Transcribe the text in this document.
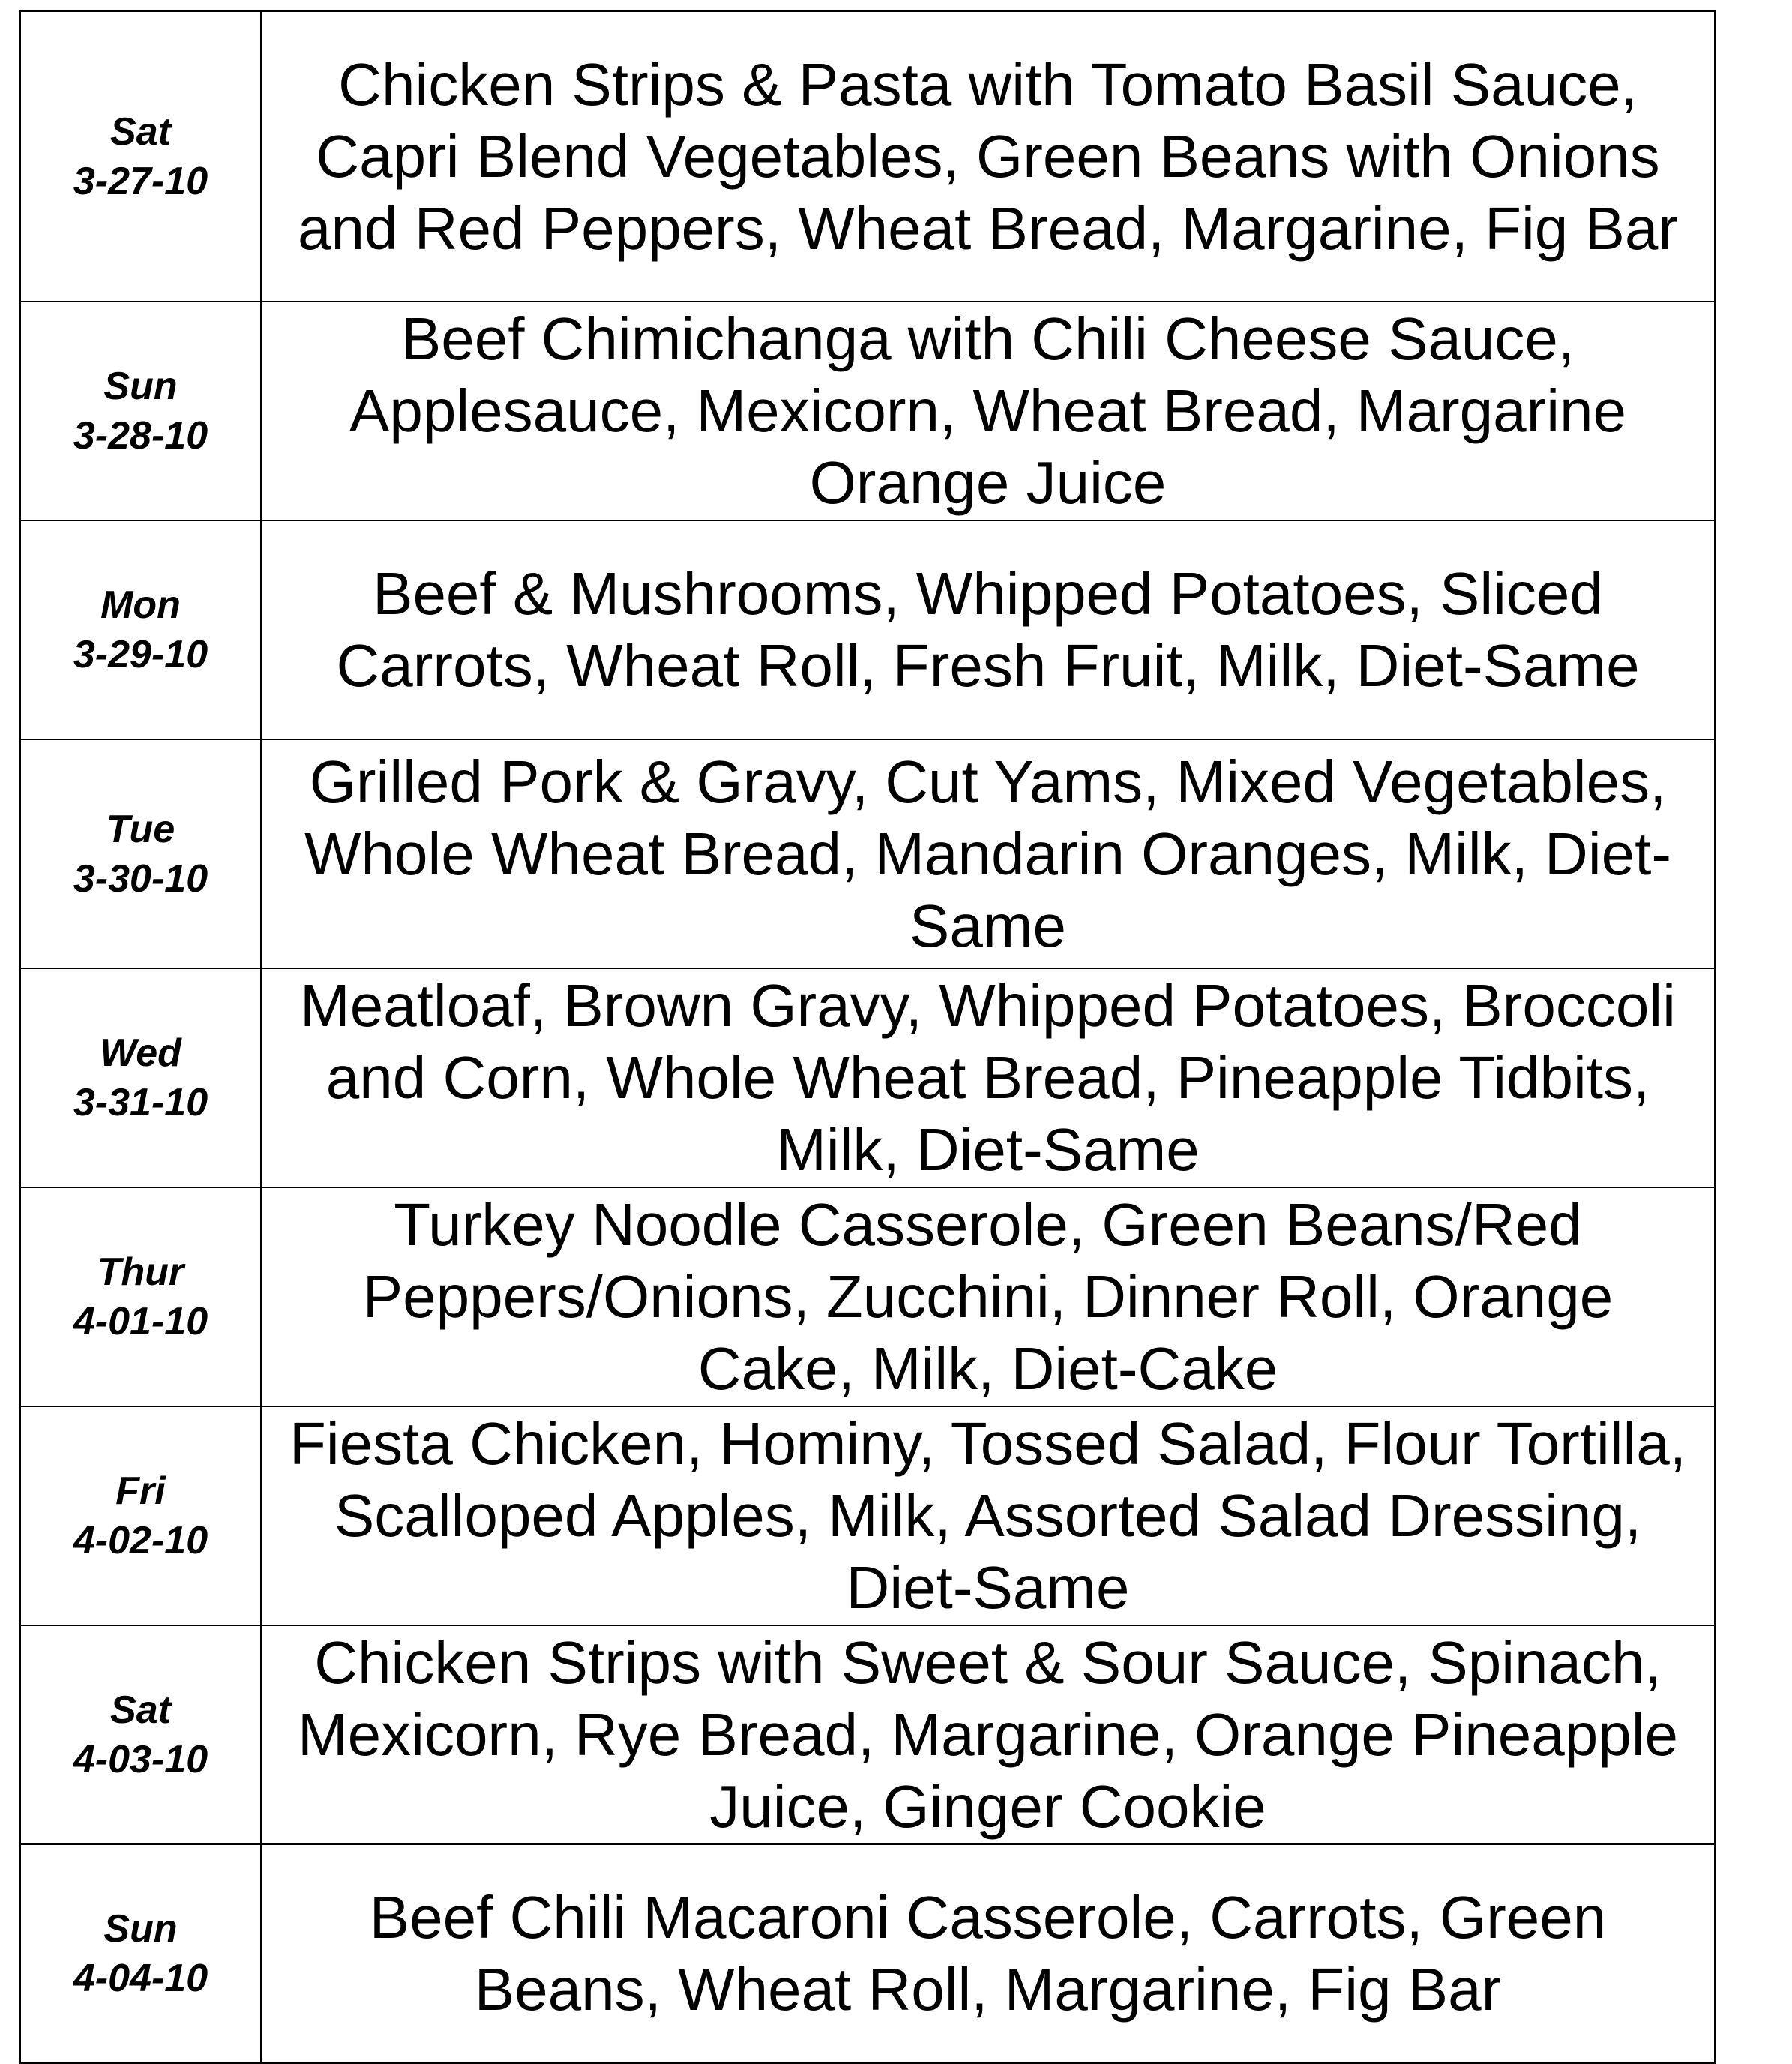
Sat
3-27-10	Chicken Strips & Pasta with Tomato Basil Sauce, Capri Blend Vegetables, Green Beans with Onions and Red Peppers, Wheat Bread, Margarine, Fig Bar

Sun
3-28-10	Beef Chimichanga with Chili Cheese Sauce, Applesauce, Mexicorn, Wheat Bread, Margarine Orange Juice

Mon
3-29-10	Beef & Mushrooms, Whipped Potatoes, Sliced Carrots, Wheat Roll, Fresh Fruit, Milk, Diet-Same

Tue
3-30-10	Grilled Pork & Gravy, Cut Yams, Mixed Vegetables, Whole Wheat Bread, Mandarin Oranges, Milk, Diet-Same

Wed
3-31-10	Meatloaf, Brown Gravy, Whipped Potatoes, Broccoli and Corn, Whole Wheat Bread, Pineapple Tidbits, Milk, Diet-Same

Thur
4-01-10	Turkey Noodle Casserole, Green Beans/Red Peppers/Onions, Zucchini, Dinner Roll, Orange Cake, Milk, Diet-Cake

Fri
4-02-10	Fiesta Chicken, Hominy, Tossed Salad, Flour Tortilla, Scalloped Apples, Milk, Assorted Salad Dressing, Diet-Same

Sat
4-03-10	Chicken Strips with Sweet & Sour Sauce, Spinach, Mexicorn, Rye Bread, Margarine, Orange Pineapple Juice, Ginger Cookie

Sun
4-04-10	Beef Chili Macaroni Casserole, Carrots, Green Beans, Wheat Roll, Margarine, Fig Bar
